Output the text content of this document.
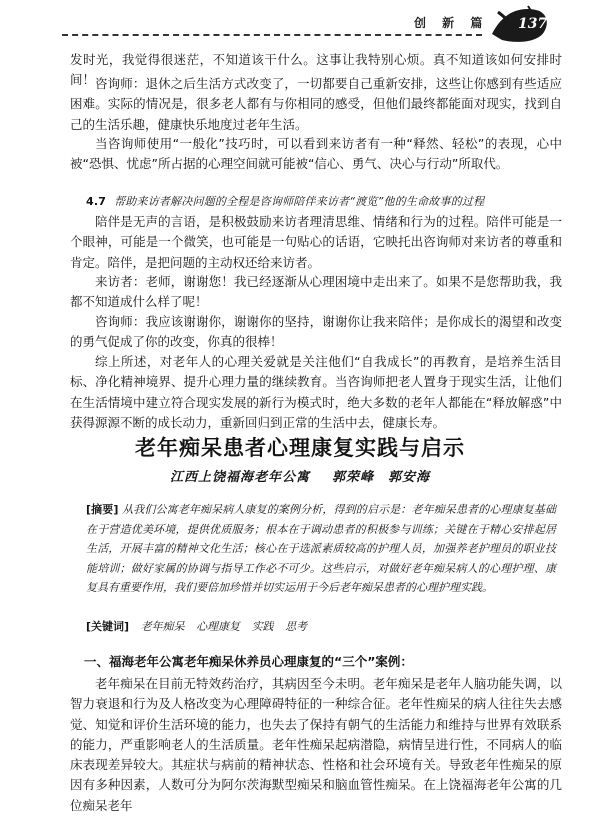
创 新 篇 137

发时光，我觉得很迷茫，不知道该干什么。这事让我特别心烦。真不知道该如何安排时间！ 咨询师：退休之后生活方式改变了，一切都要自己重新安排，这些让你感到有些适应困难。实际的情况是，很多老人都有与你相同的感受，但他们最终都能面对现实，找到自己的生活乐趣，健康快乐地度过老年生活。

当咨询师使用“一般化”技巧时，可以看到来访者有一种“释然、轻松”的表现，心中被“恐惧、忧虑”所占据的心理空间就可能被“信心、勇气、决心与行动”所取代。

4.7 帮助来访者解决问题的全程是咨询师陪伴来访者“渡览”他的生命故事的过程

陪伴是无声的言语，是积极鼓励来访者理清思维、情绪和行为的过程。陪伴可能是一个眼神，可能是一个微笑，也可能是一句贴心的话语，它映托出咨询师对来访者的尊重和肯定。陪伴，是把问题的主动权还给来访者。

来访者：老师，谢谢您！我已经逐渐从心理困境中走出来了。如果不是您帮助我，我都不知道成什么样了呢！

咨询师：我应该谢谢你，谢谢你的坚持，谢谢你让我来陪伴；是你成长的渴望和改变的勇气促成了你的改变，你真的很棒！

综上所述，对老年人的心理关爱就是关注他们“自我成长”的再教育，是培养生活目标、净化精神境界、提升心理力量的继续教育。当咨询师把老人置身于现实生活，让他们在生活情境中建立符合现实发展的新行为模式时，绝大多数的老年人都能在“释放解惑”中获得源源不断的成长动力，重新回归到正常的生活中去，健康长寿。

老年痴呆患者心理康复实践与启示
江西上饶福海老年公寓 郭荣峰 郭安海
[摘要] 从我们公寓老年痴呆病人康复的案例分析，得到的启示是：老年痴呆患者的心理康复基础在于营造优美环境，提供优质服务；根本在于调动患者的积极参与训练；关键在于精心安排起居生活，开展丰富的精神文化生活；核心在于选派素质较高的护理人员，加强养老护理员的职业技能培训；做好家属的协调与指导工作必不可少。这些启示，对做好老年痴呆病人的心理护理、康复具有重要作用，我们要倍加珍惜并切实运用于今后老年痴呆患者的心理护理实践。
[关键词] 老年痴呆 心理康复 实践 思考
一、福海老年公寓老年痴呆休养员心理康复的“三个”案例：

老年痴呆在目前无特效药治疗，其病因至今未明。老年痴呆是老年人脑功能失调，以智力衰退和行为及人格改变为心理障碍特征的一种综合征。老年性痴呆的病人往往失去感觉、知觉和评价生活环境的能力，也失去了保持有朝气的生活能力和维持与世界有效联系的能力，严重影响老人的生活质量。老年性痴呆起病潜隐，病情呈进行性，不同病人的临床表现差异较大。其症状与病前的精神状态、性格和社会环境有关。导致老年性痴呆的原因有多种因素，人数可分为阿尔茨海默型痴呆和脑血管性痴呆。在上饶福海老年公寓的几位痴呆老年
